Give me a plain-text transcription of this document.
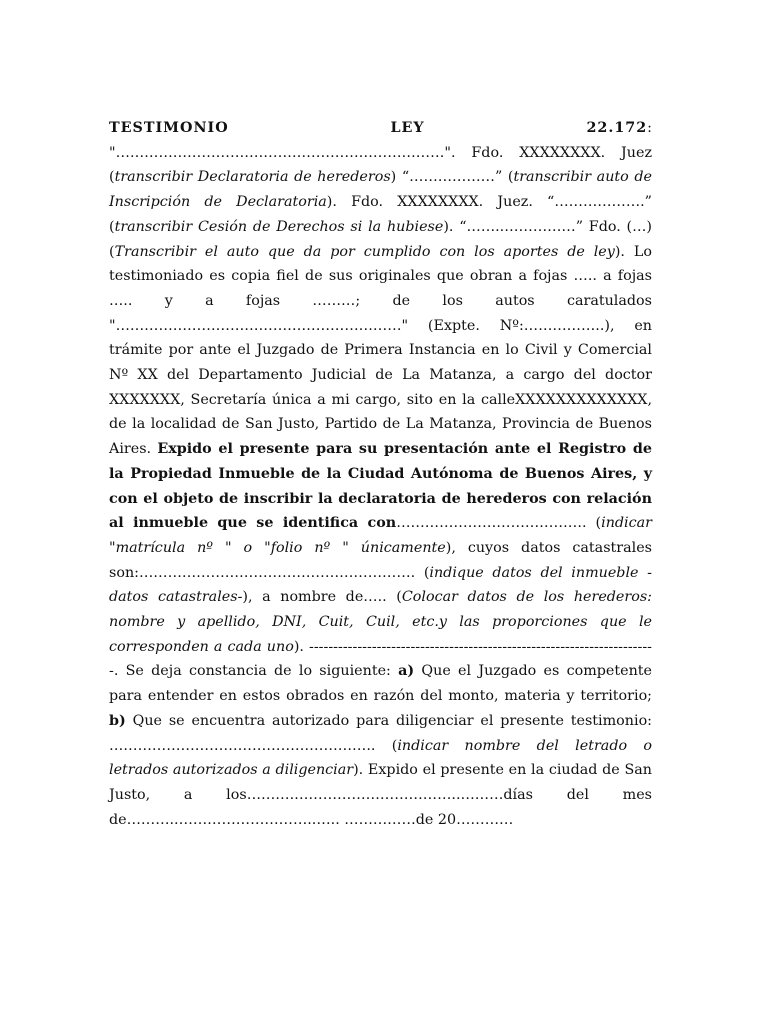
TESTIMONIO LEY 22.172: "……………………………………………………………". Fdo. XXXXXXXX. Juez (transcribir Declaratoria de herederos) “………………” (transcribir auto de Inscripción de Declaratoria). Fdo. XXXXXXXX. Juez. “……………….” (transcribir Cesión de Derechos si la hubiese). “……..……………” Fdo. (…) (Transcribir el auto que da por cumplido con los aportes de ley). Lo testimoniado es copia fiel de sus originales que obran a fojas ….. a fojas ….. y a fojas ………; de los autos caratulados "……………………………………………………" (Expte. Nº:……………..), en trámite por ante el Juzgado de Primera Instancia en lo Civil y Comercial Nº XX del Departamento Judicial de La Matanza, a cargo del doctor XXXXXXX, Secretaría única a mi cargo, sito en la calleXXXXXXXXXXXXX, de la localidad de San Justo, Partido de La Matanza, Provincia de Buenos Aires. Expido el presente para su presentación ante el Registro de la Propiedad Inmueble de la Ciudad Autónoma de Buenos Aires, y con el objeto de inscribir la declaratoria de herederos con relación al inmueble que se identifica con…………………………………. (indicar "matrícula nº " o "folio nº " únicamente), cuyos datos catastrales son:…………………………………………………. (indique datos del inmueble -datos catastrales-), a nombre de….. (Colocar datos de los herederos: nombre y apellido, DNI, Cuit, Cuil, etc.y las proporciones que le corresponden a cada uno). ------------------------------------------------------------------------. Se deja constancia de lo siguiente: a) Que el Juzgado es competente para entender en estos obrados en razón del monto, materia y territorio; b) Que se encuentra autorizado para diligenciar el presente testimonio: ……………………………………………….. (indicar nombre del letrado o letrados autorizados a diligenciar). Expido el presente en la ciudad de San Justo, a los……….……………………………..………días del mes de………..………………………..….. ……………de 20…………
